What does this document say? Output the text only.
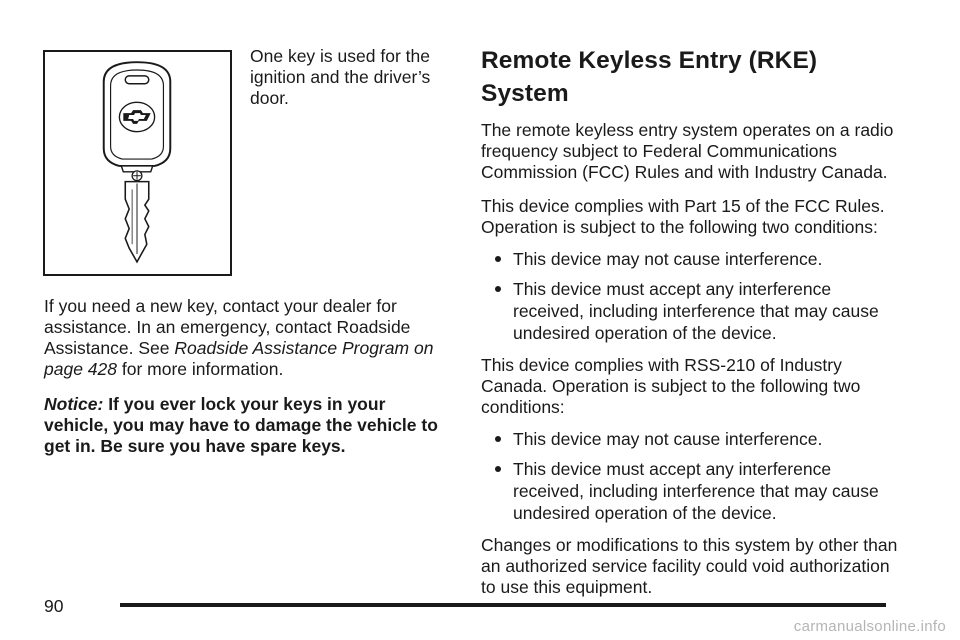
One key is used for the ignition and the driver’s door.

If you need a new key, contact your dealer for assistance. In an emergency, contact Roadside Assistance. See Roadside Assistance Program on page 428 for more information.

Notice: If you ever lock your keys in your vehicle, you may have to damage the vehicle to get in. Be sure you have spare keys.

Remote Keyless Entry (RKE) System

The remote keyless entry system operates on a radio frequency subject to Federal Communications Commission (FCC) Rules and with Industry Canada.

This device complies with Part 15 of the FCC Rules. Operation is subject to the following two conditions:

This device may not cause interference.
This device must accept any interference received, including interference that may cause undesired operation of the device.

This device complies with RSS-210 of Industry Canada. Operation is subject to the following two conditions:

This device may not cause interference.
This device must accept any interference received, including interference that may cause undesired operation of the device.

Changes or modifications to this system by other than an authorized service facility could void authorization to use this equipment.

90
carmanualsonline.info
